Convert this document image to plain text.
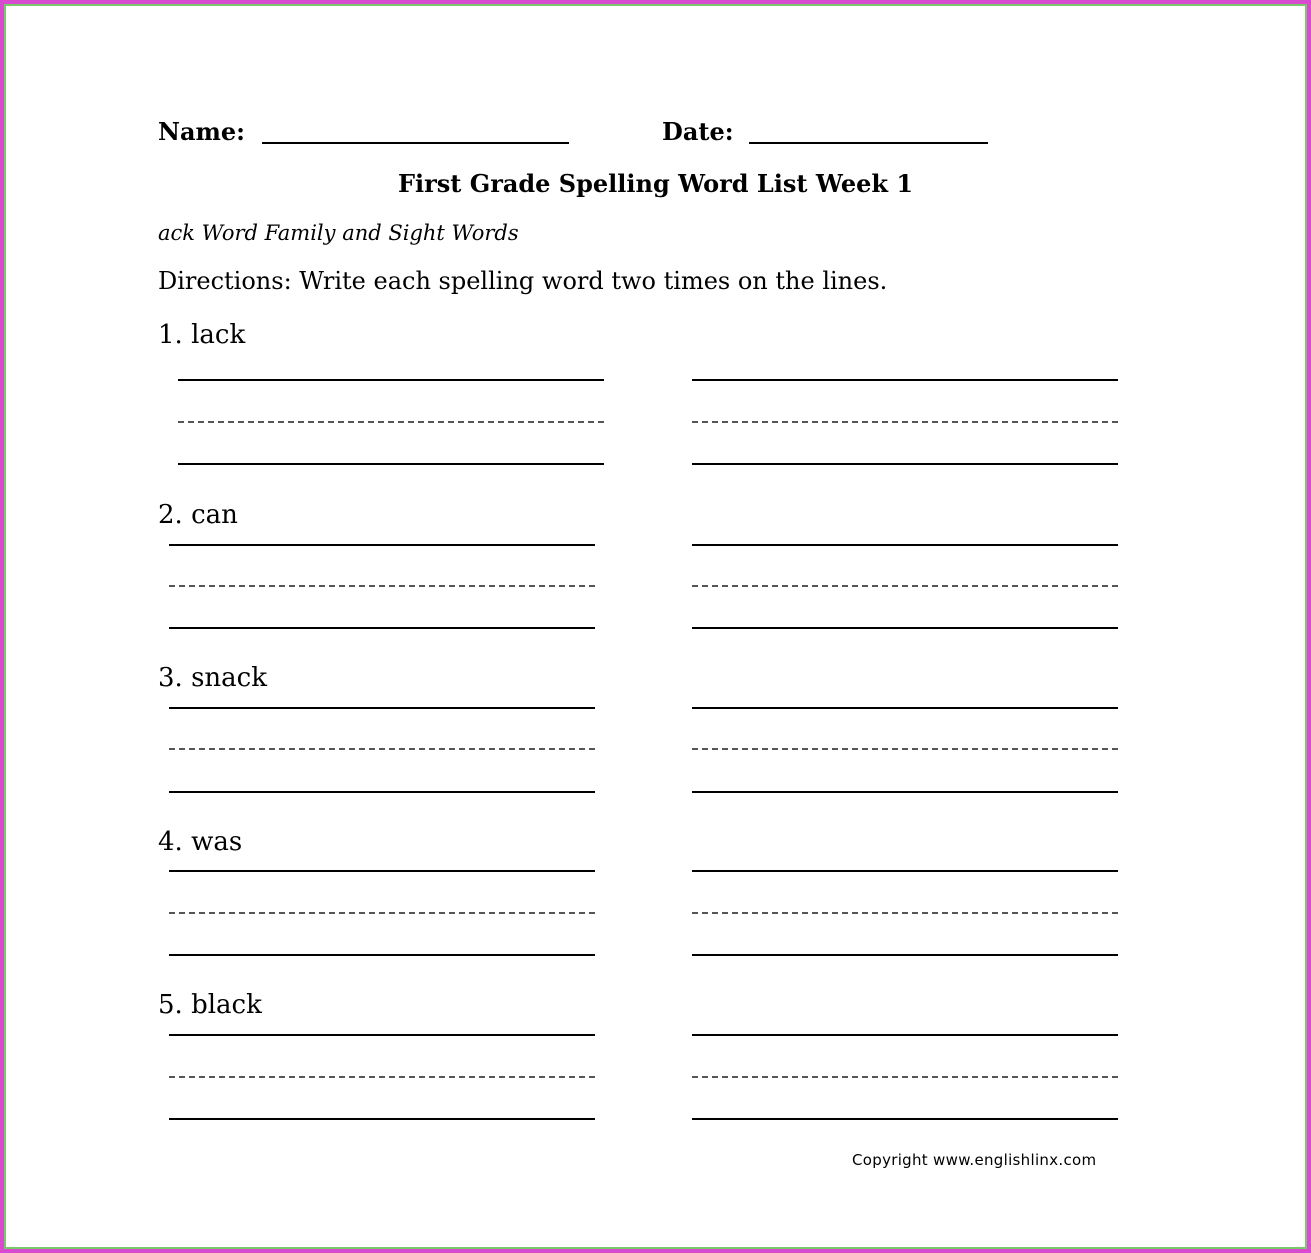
Name:	Date:
First Grade Spelling Word List Week 1
ack Word Family and Sight Words
Directions: Write each spelling word two times on the lines.
1. lack
2. can
3. snack
4. was
5. black
Copyright www.englishlinx.com
